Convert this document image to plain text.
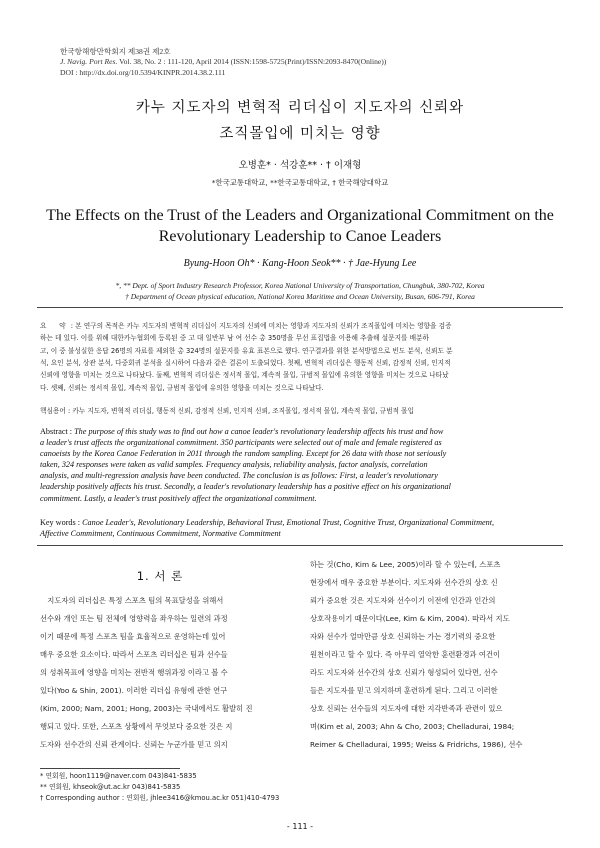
한국항해항만학회지 제38권 제2호
J. Navig. Port Res. Vol. 38, No. 2 : 111-120, April 2014 (ISSN:1598-5725(Print)/ISSN:2093-8470(Online))
DOI : http://dx.doi.org/10.5394/KINPR.2014.38.2.111
카누 지도자의 변혁적 리더십이 지도자의 신뢰와
조직몰입에 미치는 영향
오병훈* · 석강훈** · † 이재형
*한국교통대학교, **한국교통대학교, † 한국해양대학교
The Effects on the Trust of the Leaders and Organizational Commitment on the
Revolutionary Leadership to Canoe Leaders
Byung-Hoon Oh* · Kang-Hoon Seok** · † Jae-Hyung Lee
*, ** Dept. of Sport Industry Research Professor, Korea National University of Transportation, Chungbuk, 380-702, Korea
† Department of Ocean physical education, National Korea Maritime and Ocean University, Busan, 606-791, Korea
요　약 : 본 연구의 목적은 카누 지도자의 변혁적 리더십이 지도자의 신뢰에 미치는 영향과 지도자의 신뢰가 조직몰입에 미치는 영향을 검증
하는 데 있다. 이를 위해 대한카누협회에 등록된 중 고 대 일반부 남 여 선수 총 350명을 무선 표집법을 이용해 추출해 설문지를 배분하
고, 이 중 불성실한 응답 26명의 자료를 제외한 총 324명의 설문지를 유효 표본으로 했다. 연구결과를 위한 분석방법으로 빈도 분석, 신뢰도 분
석, 요인 분석, 상관 분석, 다중회귀 분석을 실시하여 다음과 같은 결론이 도출되었다. 첫째, 변혁적 리더십은 행동적 신뢰, 감정적 신뢰, 인지적
신뢰에 영향을 미치는 것으로 나타났다. 둘째, 변혁적 리더십은 정서적 몰입, 계속적 몰입, 규범적 몰입에 유의한 영향을 미치는 것으로 나타났
다. 셋째, 신뢰는 정서적 몰입, 계속적 몰입, 규범적 몰입에 유의한 영향을 미치는 것으로 나타났다.
핵심용어 : 카누 지도자, 변혁적 리더십, 행동적 신뢰, 감정적 신뢰, 인지적 신뢰, 조직몰입, 정서적 몰입, 계속적 몰입, 규범적 몰입
Abstract : The purpose of this study was to find out how a canoe leader's revolutionary leadership affects his trust and how
a leader's trust affects the organizational commitment. 350 participants were selected out of male and female registered as
canoeists by the Korea Canoe Federation in 2011 through the random sampling. Except for 26 data with those not seriously
taken, 324 responses were taken as valid samples. Frequency analysis, reliability analysis, factor analysis, correlation
analysis, and multi-regression analysis have been conducted. The conclusion is as follows: First, a leader's revolutionary
leadership positively affects his trust. Secondly, a leader's revolutionary leadership has a positive effect on his organizational
commitment. Lastly, a leader's trust positively affect the organizational commitment.
Key words : Canoe Leader's, Revolutionary Leadership, Behavioral Trust, Emotional Trust, Cognitive Trust, Organizational Commitment,
Affective Commitment, Continuous Commitment, Normative Commitment
1. 서 론
　지도자의 리더십은 특정 스포츠 팀의 목표달성을 위해서
선수와 개인 또는 팀 전체에 영향력을 좌우하는 일련의 과정
이기 때문에 특정 스포츠 팀을 효율적으로 운영하는데 있어
매우 중요한 요소이다. 따라서 스포츠 리더십은 팀과 선수들
의 성취목표에 영향을 미치는 전반적 행위과정 이라고 볼 수
있다(Yoo & Shin, 2001). 이러한 리더십 유형에 관한 연구
(Kim, 2000; Nam, 2001; Hong, 2003)는 국내에서도 활발히 진
행되고 있다. 또한, 스포츠 상황에서 무엇보다 중요한 것은 지
도자와 선수간의 신뢰 관계이다. 신뢰는 누군가를 믿고 의지
하는 것(Cho, Kim & Lee, 2005)이라 할 수 있는데, 스포츠
현장에서 매우 중요한 부분이다. 지도자와 선수간의 상호 신
뢰가 중요한 것은 지도자와 선수이기 이전에 인간과 인간의
상호작용이기 때문이다(Lee, Kim & Kim, 2004). 따라서 지도
자와 선수가 얼마만큼 상호 신뢰하는 가는 경기력의 중요한
원천이라고 할 수 있다. 즉 아무리 열악한 훈련환경과 여건이
라도 지도자와 선수간의 상호 신뢰가 형성되어 있다면, 선수
들은 지도자를 믿고 의지하며 훈련하게 된다. 그리고 이러한
상호 신뢰는 선수들의 지도자에 대한 지각반족과 관련이 있으
며(Kim et al, 2003; Ahn & Cho, 2003; Chelladurai, 1984;
Reimer & Chelladurai, 1995; Weiss & Fridrichs, 1986), 선수
* 연회원, hoon1119@naver.com 043)841-5835
** 연회원, khseok@ut.ac.kr 043)841-5835
† Corresponding author : 연회원, jhlee3416@kmou.ac.kr 051)410-4793
- 111 -
